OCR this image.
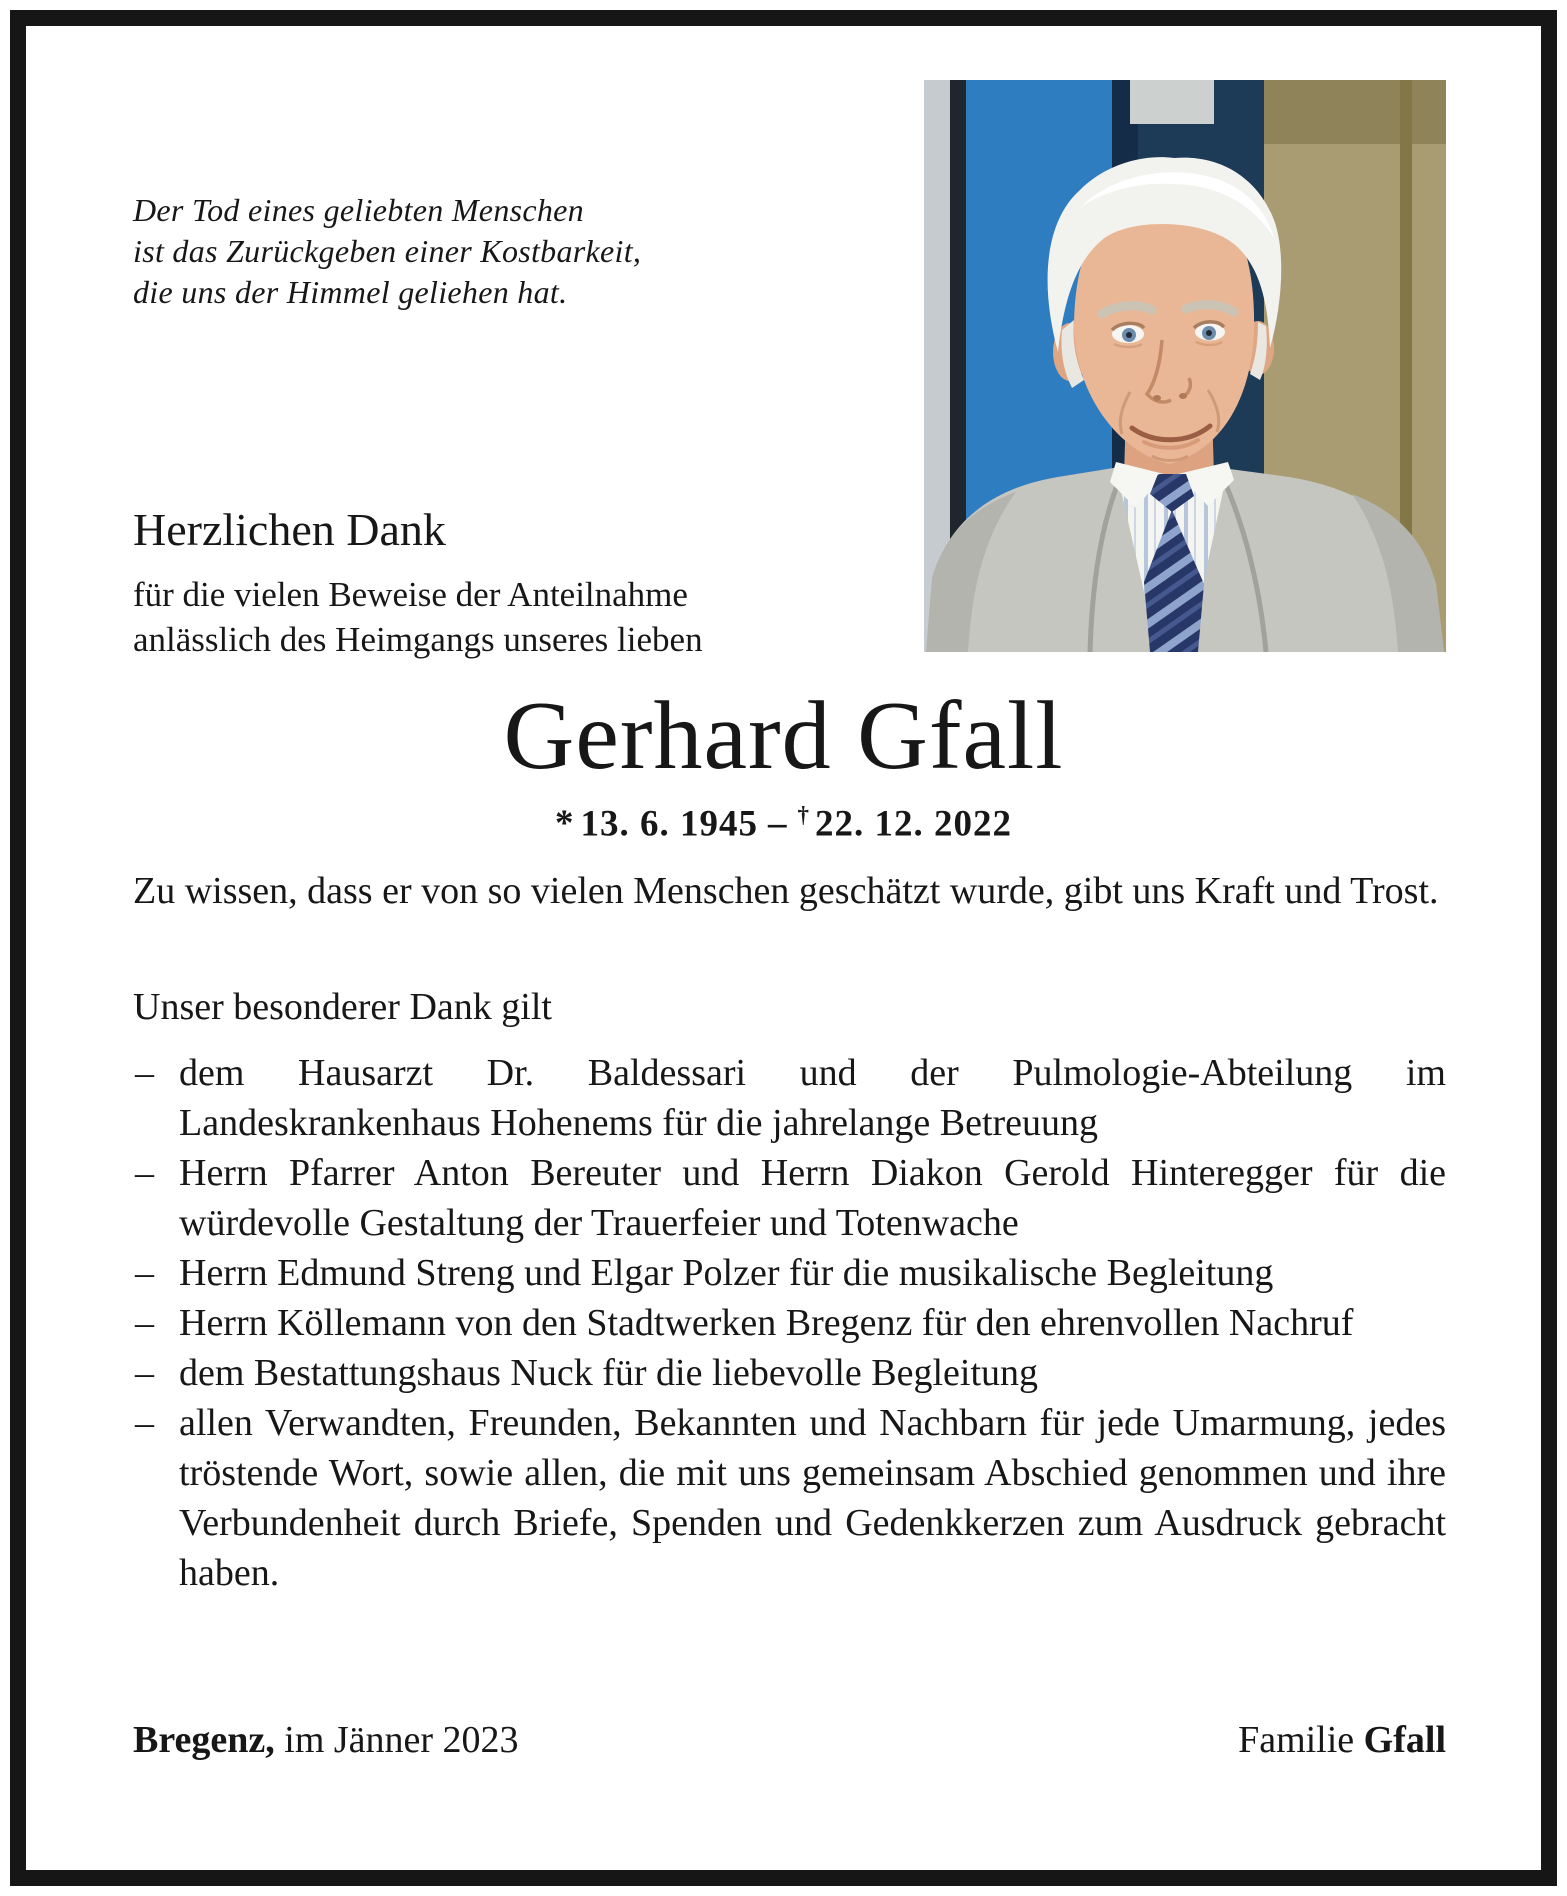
Der Tod eines geliebten Menschen
ist das Zurückgeben einer Kostbarkeit,
die uns der Himmel geliehen hat.
Herzlichen Dank
für die vielen Beweise der Anteilnahme
anlässlich des Heimgangs unseres lieben
Gerhard Gfall
* 13. 6. 1945 – † 22. 12. 2022

Zu wissen, dass er von so vielen Menschen geschätzt wurde, gibt uns Kraft und Trost.

Unser besonderer Dank gilt
– dem Hausarzt Dr. Baldessari und der Pulmologie-Abteilung im Landeskrankenhaus Hohenems für die jahrelange Betreuung
– Herrn Pfarrer Anton Bereuter und Herrn Diakon Gerold Hinteregger für die würdevolle Gestaltung der Trauerfeier und Totenwache
– Herrn Edmund Streng und Elgar Polzer für die musikalische Begleitung
– Herrn Köllemann von den Stadtwerken Bregenz für den ehrenvollen Nachruf
– dem Bestattungshaus Nuck für die liebevolle Begleitung
– allen Verwandten, Freunden, Bekannten und Nachbarn für jede Umarmung, jedes tröstende Wort, sowie allen, die mit uns gemeinsam Abschied genommen und ihre Verbundenheit durch Briefe, Spenden und Gedenkkerzen zum Ausdruck gebracht haben.
Bregenz, im Jänner 2023	Familie Gfall
